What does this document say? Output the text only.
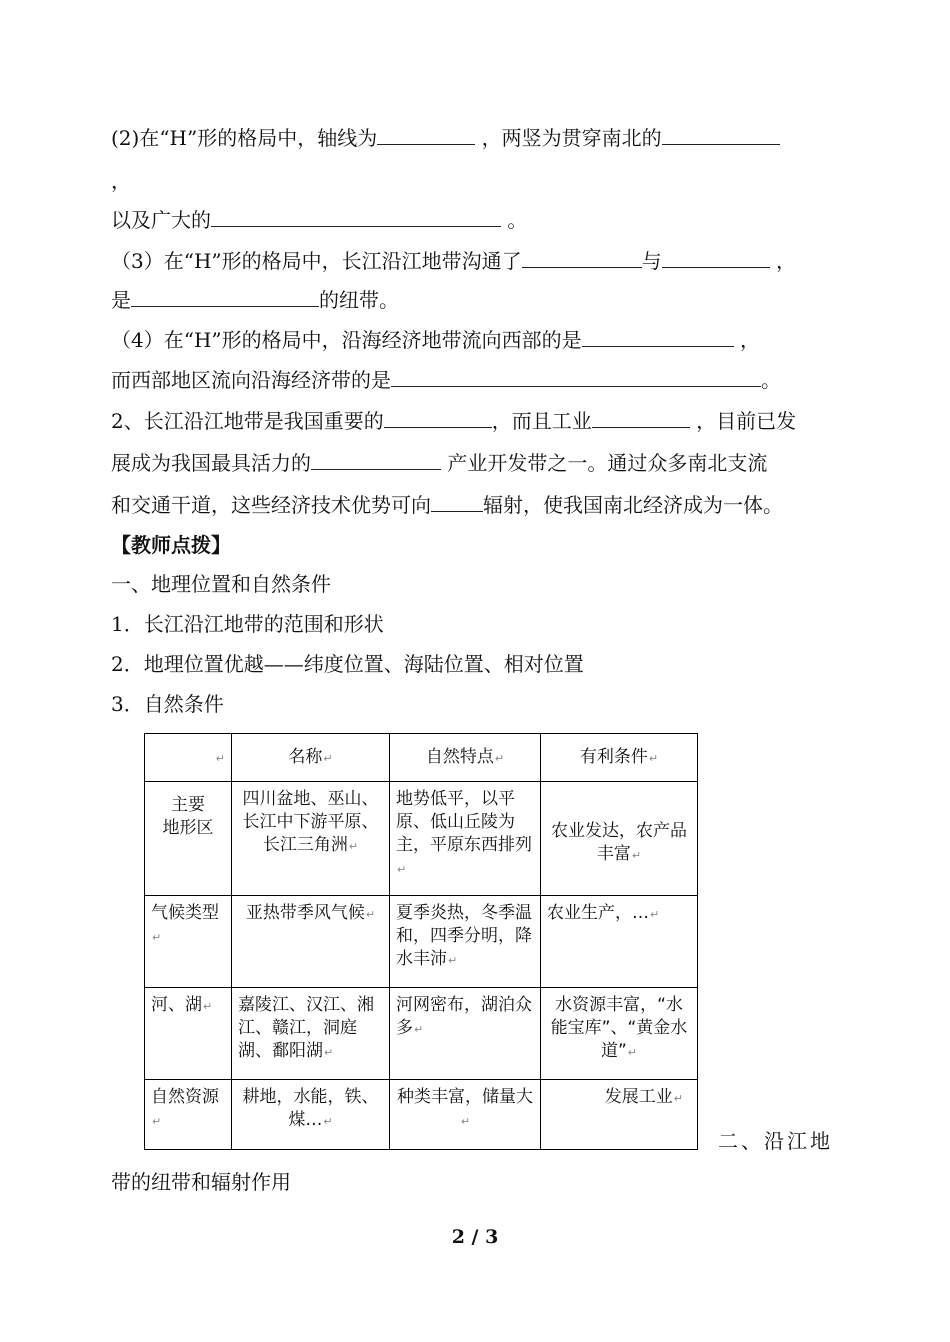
(2)在“H”形的格局中，轴线为	，两竖为贯穿南北的
，
以及广大的	。
（3）在“H”形的格局中，长江沿江地带沟通了	与	，
是	的纽带。
（4）在“H”形的格局中，沿海经济地带流向西部的是	，
而西部地区流向沿海经济带的是	。
2、长江沿江地带是我国重要的	，而且工业	，目前已发
展成为我国最具活力的	产业开发带之一。通过众多南北支流
和交通干道，这些经济技术优势可向	辐射，使我国南北经济成为一体。
【教师点拨】
一、地理位置和自然条件
1．长江沿江地带的范围和形状
2．地理位置优越——纬度位置、海陆位置、相对位置
3．自然条件
↵	名称↵	自然特点↵	有利条件↵
主要
地形区	四川盆地、巫山、长江中下游平原、长江三角洲↵	地势低平，以平原、低山丘陵为主，平原东西排列↵	农业发达，农产品丰富↵
气候类型↵	亚热带季风气候↵	夏季炎热，冬季温和，四季分明，降水丰沛↵	农业生产，…↵
河、湖↵	嘉陵江、汉江、湘江、赣江，洞庭湖、鄱阳湖↵	河网密布，湖泊众多↵	水资源丰富，“水能宝库”、“黄金水道”↵
自然资源↵	耕地，水能，铁、煤…↵	种类丰富，储量大↵	发展工业↵
二、沿江地
带的纽带和辐射作用
2 / 3
